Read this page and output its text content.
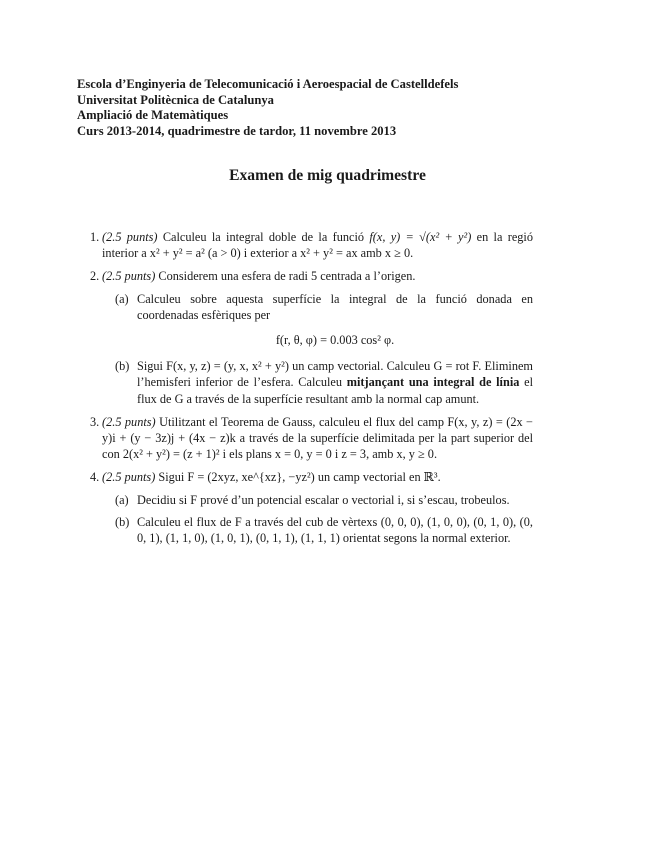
Escola d’Enginyeria de Telecomunicació i Aeroespacial de Castelldefels
Universitat Politècnica de Catalunya
Ampliació de Matemàtiques
Curs 2013-2014, quadrimestre de tardor, 11 novembre 2013
Examen de mig quadrimestre
1. (2.5 punts) Calculeu la integral doble de la funció f(x, y) = √(x² + y²) en la regió interior a x² + y² = a² (a > 0) i exterior a x² + y² = ax amb x ≥ 0.
2. (2.5 punts) Considerem una esfera de radi 5 centrada a l’origen.
(a) Calculeu sobre aquesta superfície la integral de la funció donada en coordenadas esfèriques per
f(r, θ, φ) = 0.003 cos² φ.
(b) Sigui F(x, y, z) = (y, x, x² + y²) un camp vectorial. Calculeu G = rot F. Eliminem l’hemisferi inferior de l’esfera. Calculeu mitjançant una integral de línia el flux de G a través de la superfície resultant amb la normal cap amunt.
3. (2.5 punts) Utilitzant el Teorema de Gauss, calculeu el flux del camp F(x, y, z) = (2x − y)i + (y − 3z)j + (4x − z)k a través de la superfície delimitada per la part superior del con 2(x² + y²) = (z + 1)² i els plans x = 0, y = 0 i z = 3, amb x, y ≥ 0.
4. (2.5 punts) Sigui F = (2xyz, xe^{xz}, −yz²) un camp vectorial en ℝ³.
(a) Decidiu si F prové d’un potencial escalar o vectorial i, si s’escau, trobeulos.
(b) Calculeu el flux de F a través del cub de vèrtexs (0, 0, 0), (1, 0, 0), (0, 1, 0), (0, 0, 1), (1, 1, 0), (1, 0, 1), (0, 1, 1), (1, 1, 1) orientat segons la normal exterior.
